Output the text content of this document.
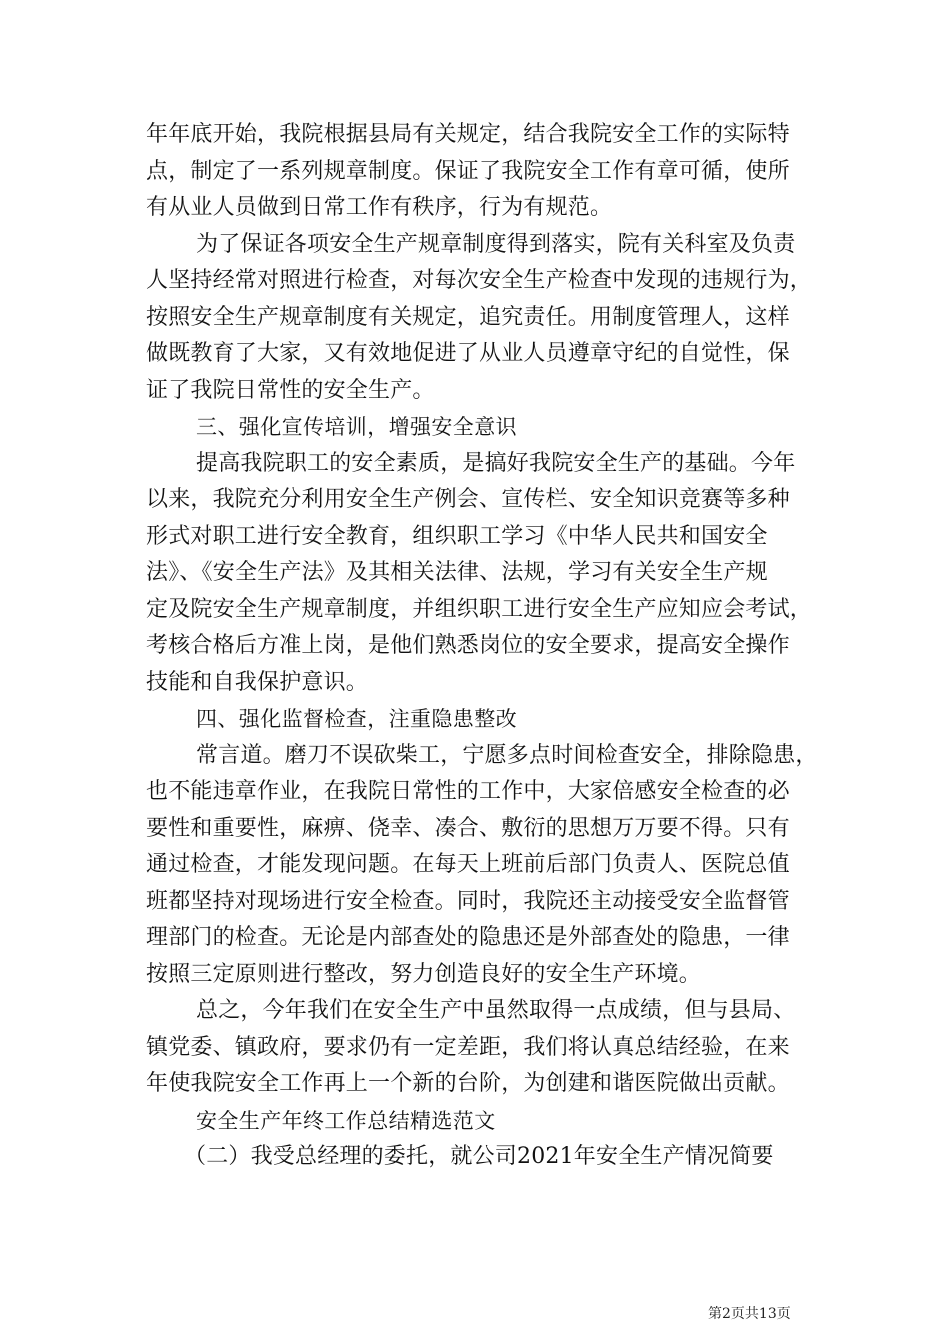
年年底开始，我院根据县局有关规定，结合我院安全工作的实际特
点，制定了一系列规章制度。保证了我院安全工作有章可循，使所
有从业人员做到日常工作有秩序，行为有规范。
为了保证各项安全生产规章制度得到落实，院有关科室及负责
人坚持经常对照进行检查，对每次安全生产检查中发现的违规行为，
按照安全生产规章制度有关规定，追究责任。用制度管理人，这样
做既教育了大家，又有效地促进了从业人员遵章守纪的自觉性，保
证了我院日常性的安全生产。
三、强化宣传培训，增强安全意识
提高我院职工的安全素质，是搞好我院安全生产的基础。今年
以来，我院充分利用安全生产例会、宣传栏、安全知识竞赛等多种
形式对职工进行安全教育，组织职工学习《中华人民共和国安全
法》、《安全生产法》及其相关法律、法规，学习有关安全生产规
定及院安全生产规章制度，并组织职工进行安全生产应知应会考试，
考核合格后方准上岗，是他们熟悉岗位的安全要求，提高安全操作
技能和自我保护意识。
四、强化监督检查，注重隐患整改
常言道。磨刀不误砍柴工，宁愿多点时间检查安全，排除隐患，
也不能违章作业，在我院日常性的工作中，大家倍感安全检查的必
要性和重要性，麻痹、侥幸、凑合、敷衍的思想万万要不得。只有
通过检查，才能发现问题。在每天上班前后部门负责人、医院总值
班都坚持对现场进行安全检查。同时，我院还主动接受安全监督管
理部门的检查。无论是内部查处的隐患还是外部查处的隐患，一律
按照三定原则进行整改，努力创造良好的安全生产环境。
总之，今年我们在安全生产中虽然取得一点成绩，但与县局、
镇党委、镇政府，要求仍有一定差距，我们将认真总结经验，在来
年使我院安全工作再上一个新的台阶，为创建和谐医院做出贡献。
安全生产年终工作总结精选范文
（二）我受总经理的委托，就公司2021年安全生产情况简要
第2页共13页
